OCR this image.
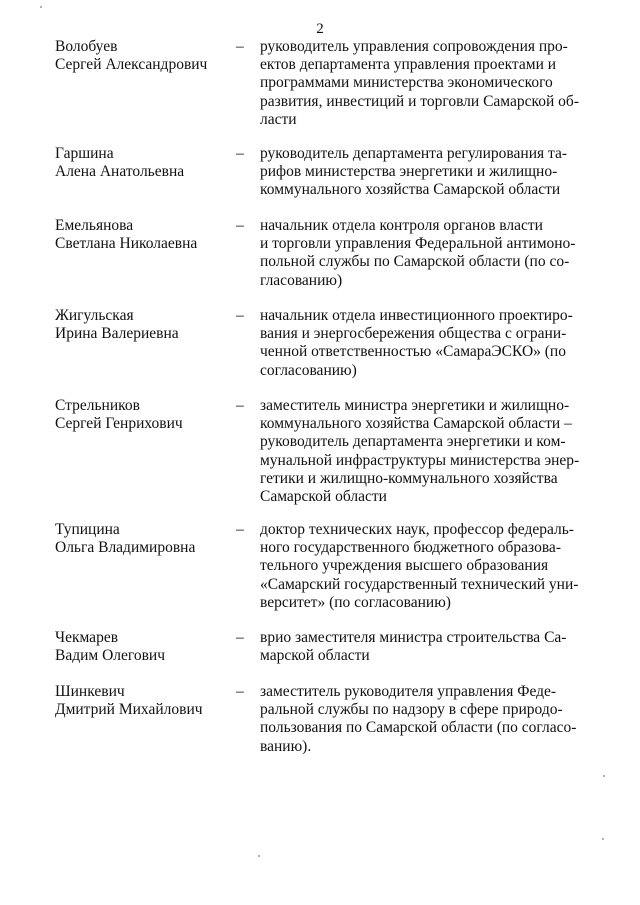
2
Волобуев
Сергей Александрович
– руководитель управления сопровождения про-
ектов департамента управления проектами и
программами министерства экономического
развития, инвестиций и торговли Самарской об-
ласти
Гаршина
Алена Анатольевна
– руководитель департамента регулирования та-
рифов министерства энергетики и жилищно-
коммунального хозяйства Самарской области
Емельянова
Светлана Николаевна
– начальник отдела контроля органов власти
и торговли управления Федеральной антимоно-
польной службы по Самарской области (по со-
гласованию)
Жигульская
Ирина Валериевна
– начальник отдела инвестиционного проектиро-
вания и энергосбережения общества с ограни-
ченной ответственностью «СамараЭСКО» (по
согласованию)
Стрельников
Сергей Генрихович
– заместитель министра энергетики и жилищно-
коммунального хозяйства Самарской области –
руководитель департамента энергетики и ком-
мунальной инфраструктуры министерства энер-
гетики и жилищно-коммунального хозяйства
Самарской области
Тупицина
Ольга Владимировна
– доктор технических наук, профессор федераль-
ного государственного бюджетного образова-
тельного учреждения высшего образования
«Самарский государственный технический уни-
верситет» (по согласованию)
Чекмарев
Вадим Олегович
– врио заместителя министра строительства Са-
марской области
Шинкевич
Дмитрий Михайлович
– заместитель руководителя управления Феде-
ральной службы по надзору в сфере природо-
пользования по Самарской области (по согласо-
ванию).
